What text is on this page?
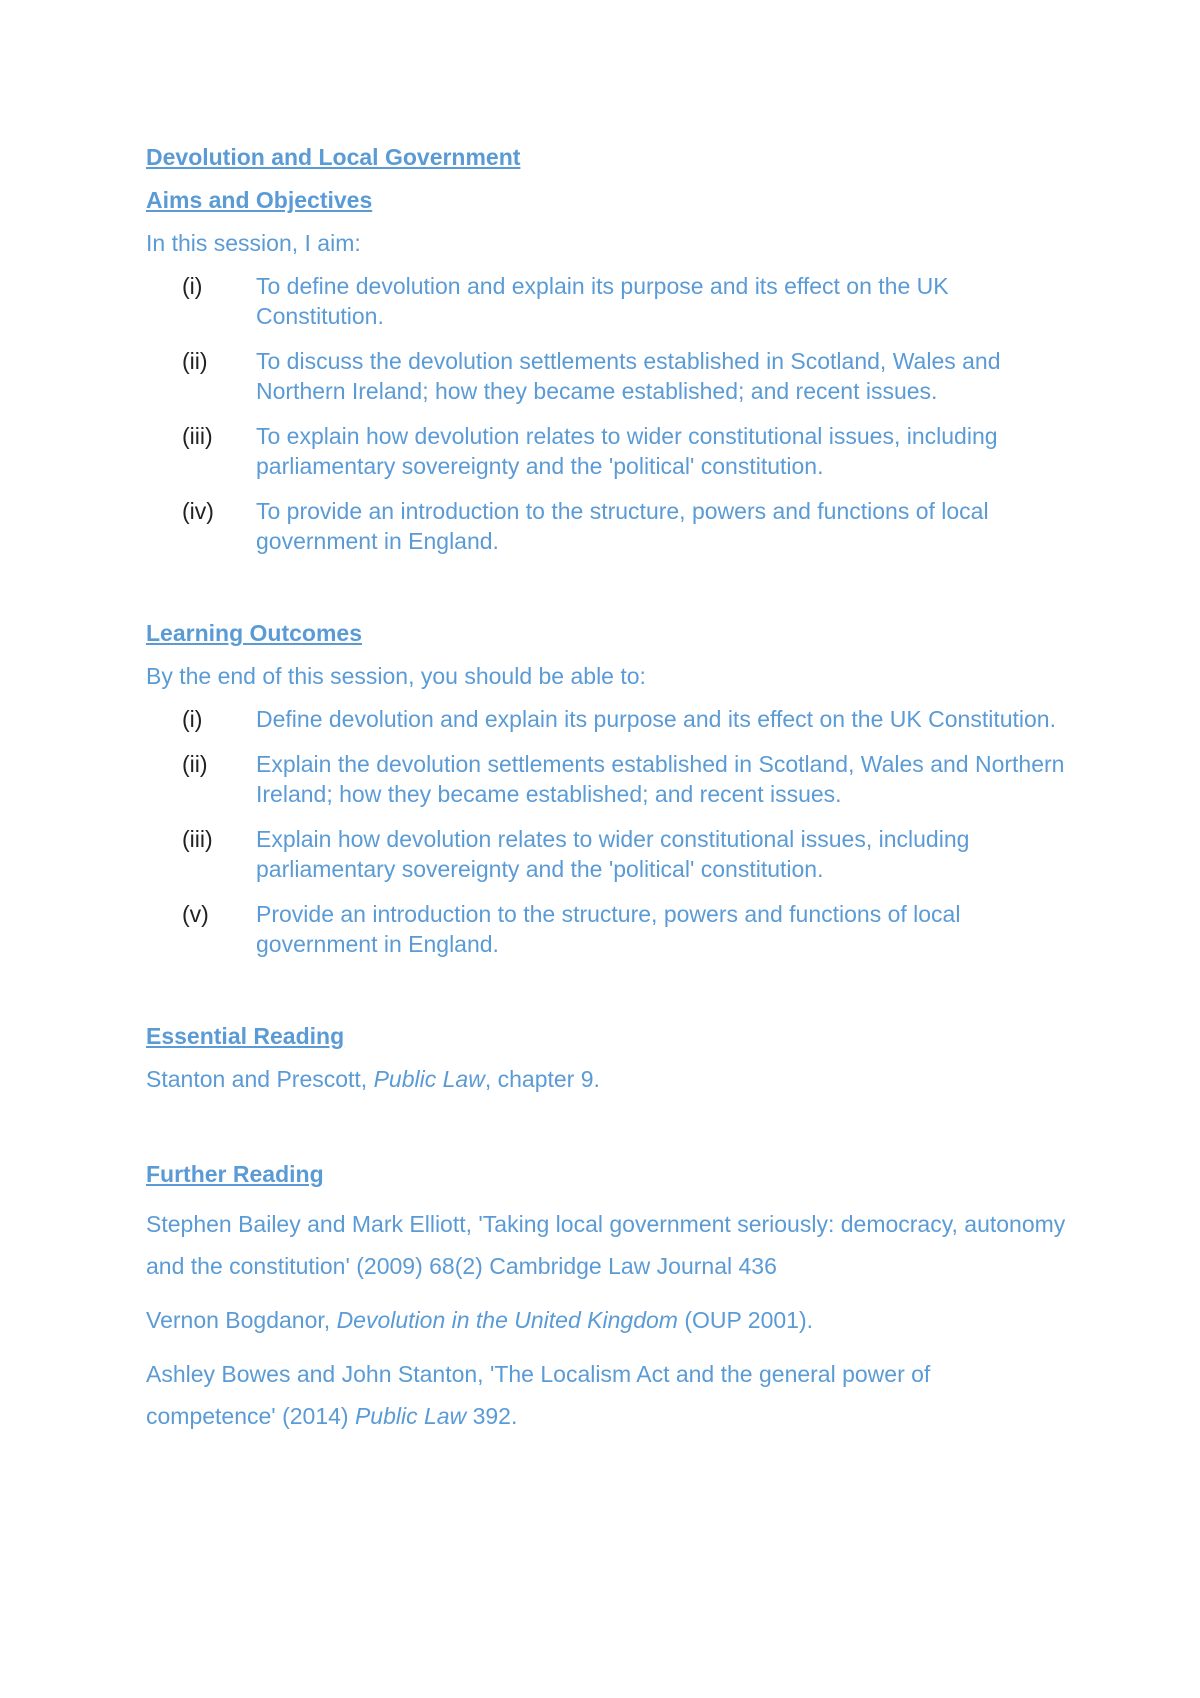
Devolution and Local Government
Aims and Objectives

In this session, I aim:

(i)	To define devolution and explain its purpose and its effect on the UK Constitution.
(ii)	To discuss the devolution settlements established in Scotland, Wales and Northern Ireland; how they became established; and recent issues.
(iii) To explain how devolution relates to wider constitutional issues, including parliamentary sovereignty and the 'political' constitution.
(iv) To provide an introduction to the structure, powers and functions of local government in England.
Learning Outcomes

By the end of this session, you should be able to:

(i)	Define devolution and explain its purpose and its effect on the UK Constitution.
(ii)	Explain the devolution settlements established in Scotland, Wales and Northern Ireland; how they became established; and recent issues.
(iii) Explain how devolution relates to wider constitutional issues, including parliamentary sovereignty and the 'political' constitution.
(v)	Provide an introduction to the structure, powers and functions of local government in England.
Essential Reading

Stanton and Prescott, Public Law, chapter 9.

Further Reading

Stephen Bailey and Mark Elliott, 'Taking local government seriously: democracy, autonomy and the constitution' (2009) 68(2) Cambridge Law Journal 436

Vernon Bogdanor, Devolution in the United Kingdom (OUP 2001).

Ashley Bowes and John Stanton, 'The Localism Act and the general power of competence' (2014) Public Law 392.
